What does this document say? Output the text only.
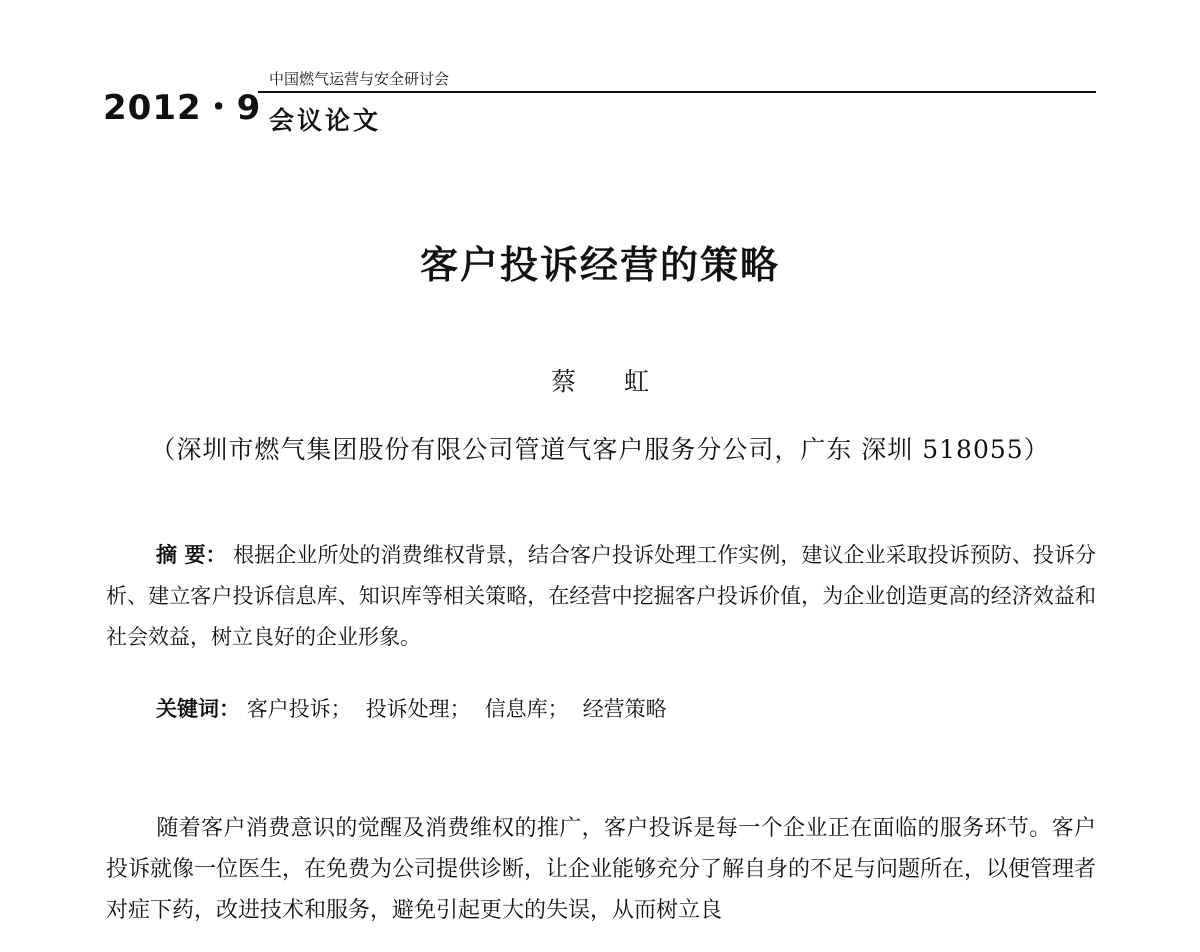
2012・9
中国燃气运营与安全研讨会
会议论文
客户投诉经营的策略
蔡 虹
（深圳市燃气集团股份有限公司管道气客户服务分公司，广东 深圳 518055）

摘 要： 根据企业所处的消费维权背景，结合客户投诉处理工作实例，建议企业采取投诉预防、投诉分析、建立客户投诉信息库、知识库等相关策略，在经营中挖掘客户投诉价值，为企业创造更高的经济效益和社会效益，树立良好的企业形象。

关键词： 客户投诉； 投诉处理； 信息库； 经营策略

随着客户消费意识的觉醒及消费维权的推广，客户投诉是每一个企业正在面临的服务环节。客户投诉就像一位医生，在免费为公司提供诊断，让企业能够充分了解自身的不足与问题所在，以便管理者对症下药，改进技术和服务，避免引起更大的失误，从而树立良
